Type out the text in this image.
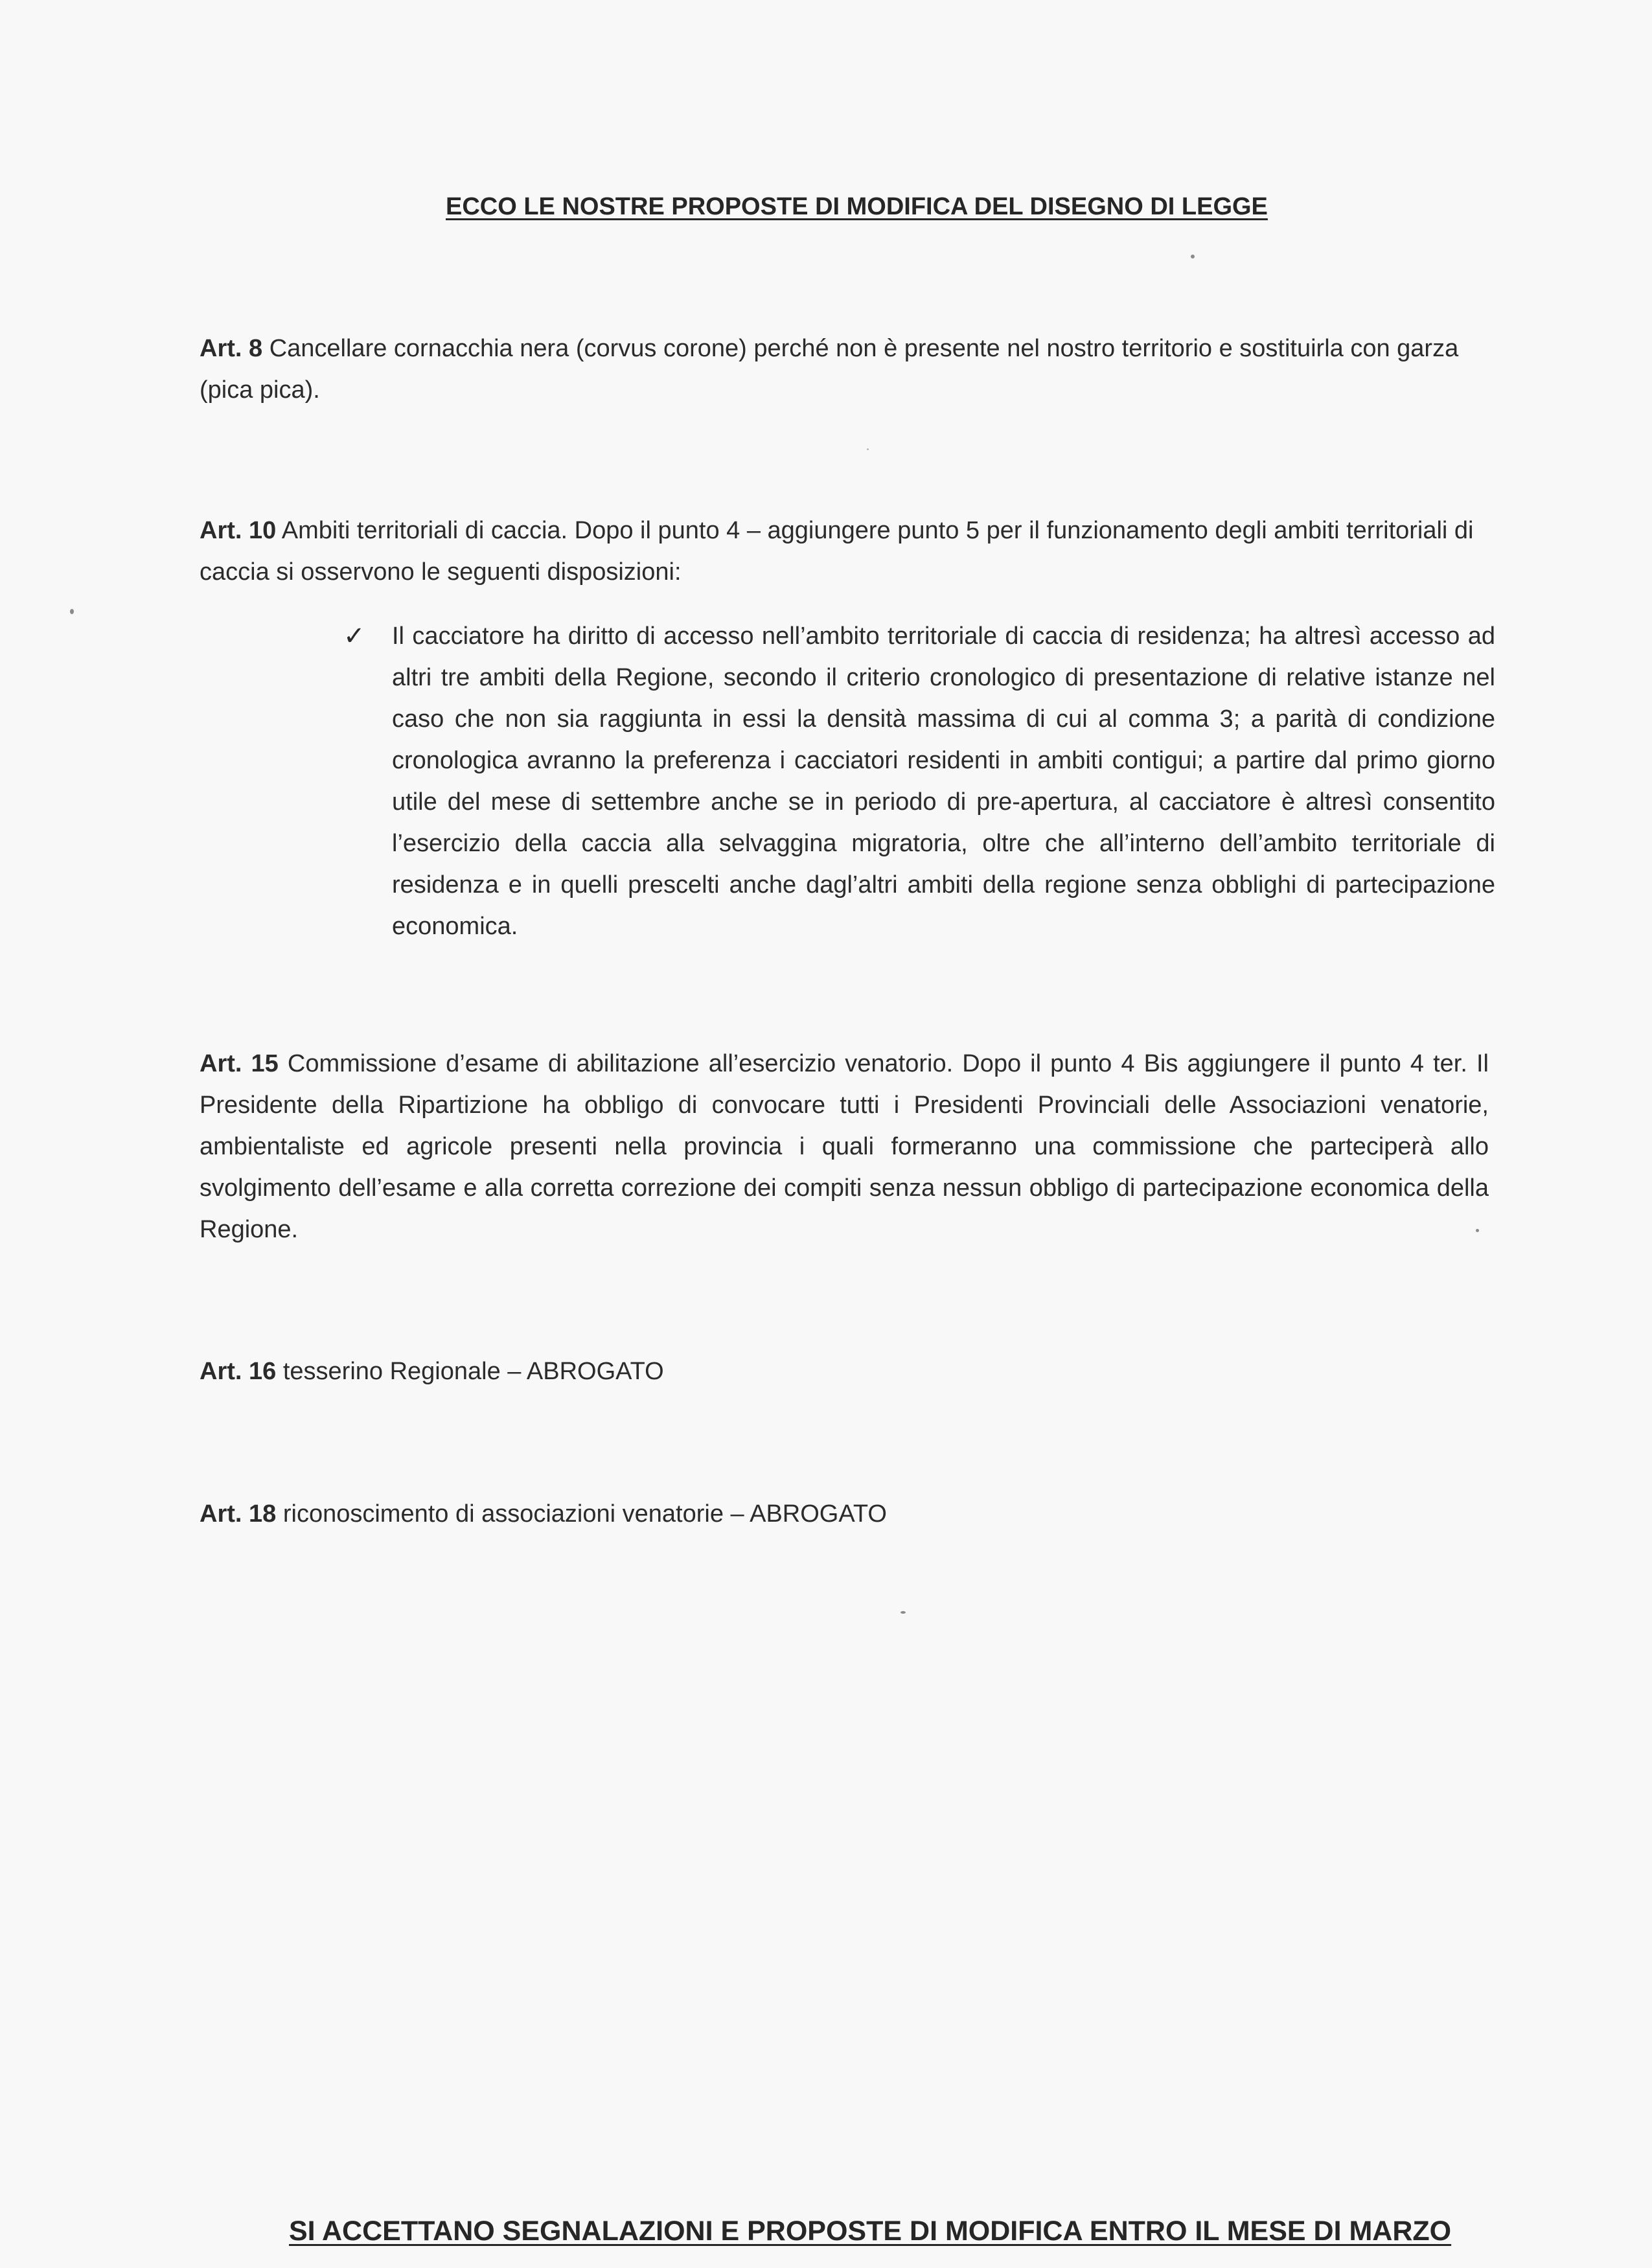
ECCO LE NOSTRE PROPOSTE DI MODIFICA DEL DISEGNO DI LEGGE
Art. 8 Cancellare cornacchia nera (corvus corone) perché non è presente nel nostro territorio e sostituirla con garza (pica pica).
Art. 10 Ambiti territoriali di caccia. Dopo il punto 4 – aggiungere punto 5 per il funzionamento degli ambiti territoriali di caccia si osservono le seguenti disposizioni:
✓ Il cacciatore ha diritto di accesso nell’ambito territoriale di caccia di residenza; ha altresì accesso ad altri tre ambiti della Regione, secondo il criterio cronologico di presentazione di relative istanze nel caso che non sia raggiunta in essi la densità massima di cui al comma 3; a parità di condizione cronologica avranno la preferenza i cacciatori residenti in ambiti contigui; a partire dal primo giorno utile del mese di settembre anche se in periodo di pre-apertura, al cacciatore è altresì consentito l’esercizio della caccia alla selvaggina migratoria, oltre che all’interno dell’ambito territoriale di residenza e in quelli prescelti anche dagl’altri ambiti della regione senza obblighi di partecipazione economica.
Art. 15 Commissione d’esame di abilitazione all’esercizio venatorio. Dopo il punto 4 Bis aggiungere il punto 4 ter. Il Presidente della Ripartizione ha obbligo di convocare tutti i Presidenti Provinciali delle Associazioni venatorie, ambientaliste ed agricole presenti nella provincia i quali formeranno una commissione che parteciperà allo svolgimento dell’esame e alla corretta correzione dei compiti senza nessun obbligo di partecipazione economica della Regione.
Art. 16 tesserino Regionale – ABROGATO
Art. 18 riconoscimento di associazioni venatorie – ABROGATO
SI ACCETTANO SEGNALAZIONI E PROPOSTE DI MODIFICA ENTRO IL MESE DI MARZO
